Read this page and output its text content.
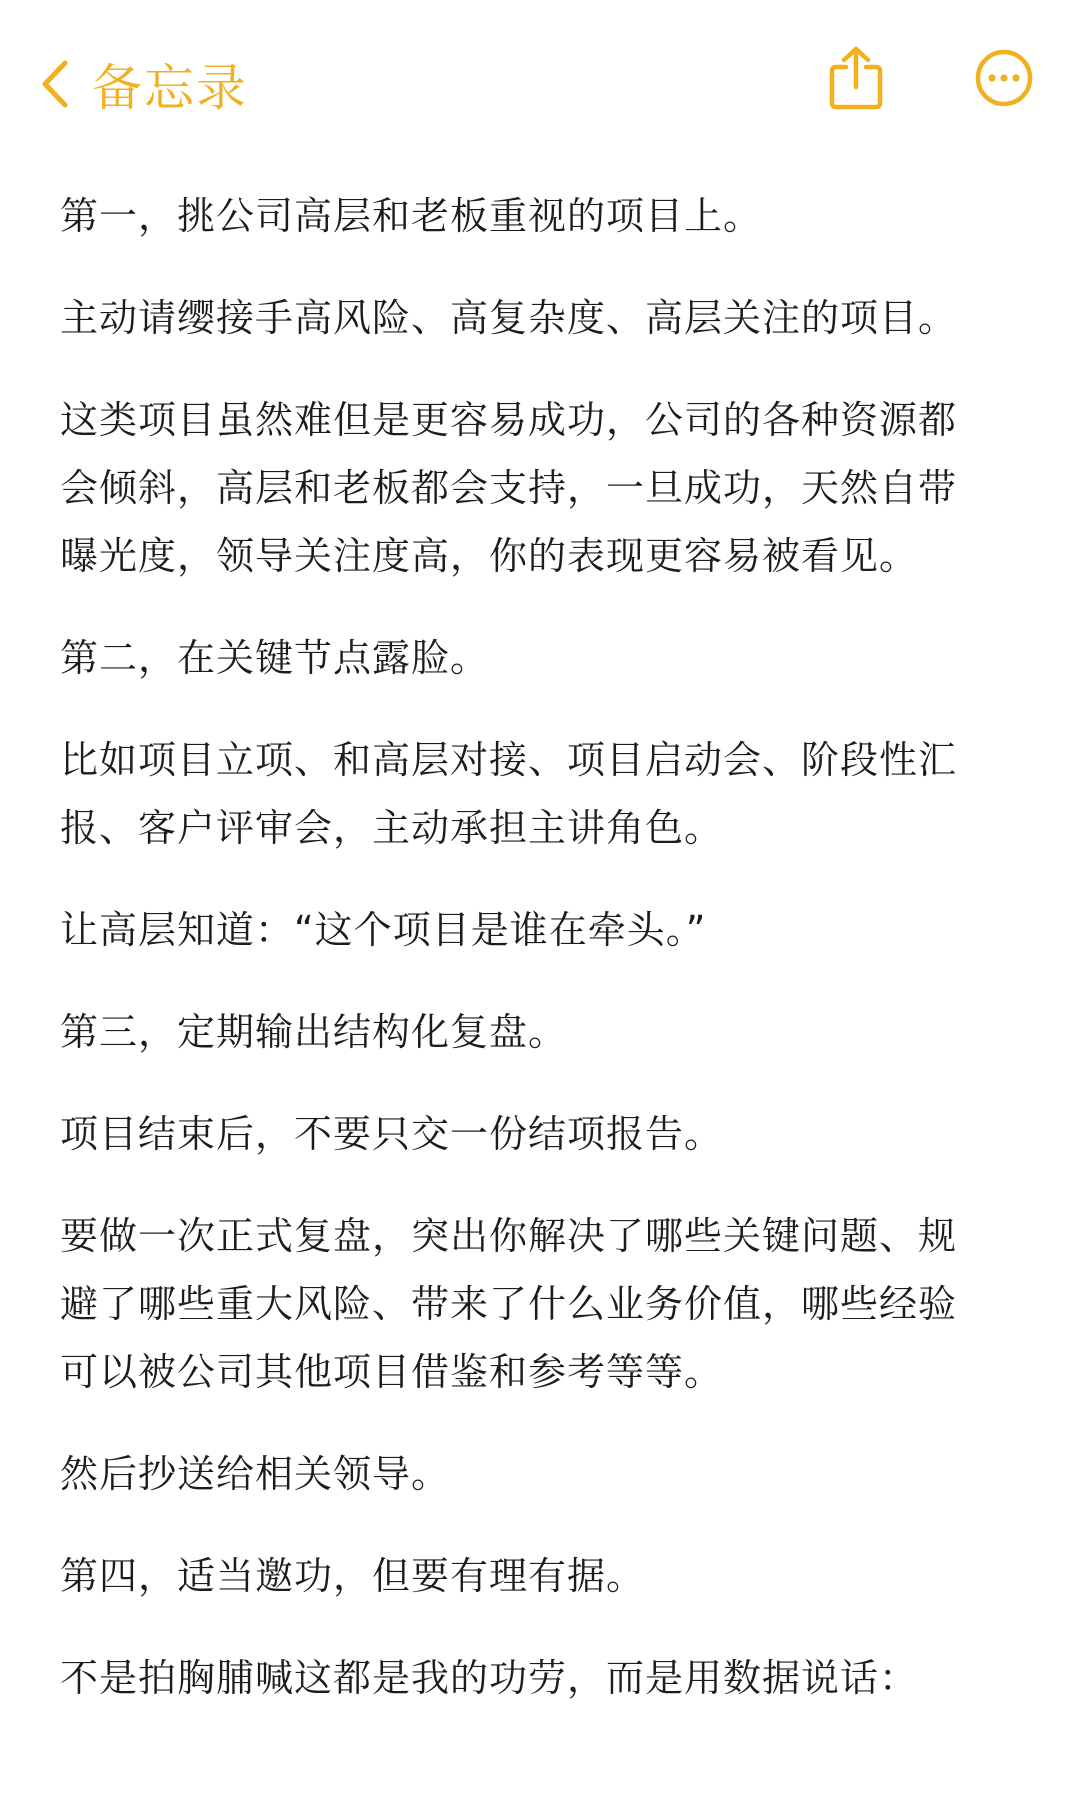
备忘录

第一，挑公司高层和老板重视的项目上。

主动请缨接手高风险、高复杂度、高层关注的项目。

这类项目虽然难但是更容易成功，公司的各种资源都
会倾斜，高层和老板都会支持，一旦成功，天然自带
曝光度，领导关注度高，你的表现更容易被看见。

第二，在关键节点露脸。

比如项目立项、和高层对接、项目启动会、阶段性汇
报、客户评审会，主动承担主讲角色。

让高层知道：“这个项目是谁在牵头。”

第三，定期输出结构化复盘。

项目结束后，不要只交一份结项报告。

要做一次正式复盘，突出你解决了哪些关键问题、规
避了哪些重大风险、带来了什么业务价值，哪些经验
可以被公司其他项目借鉴和参考等等。

然后抄送给相关领导。

第四，适当邀功，但要有理有据。

不是拍胸脯喊这都是我的功劳，而是用数据说话：
